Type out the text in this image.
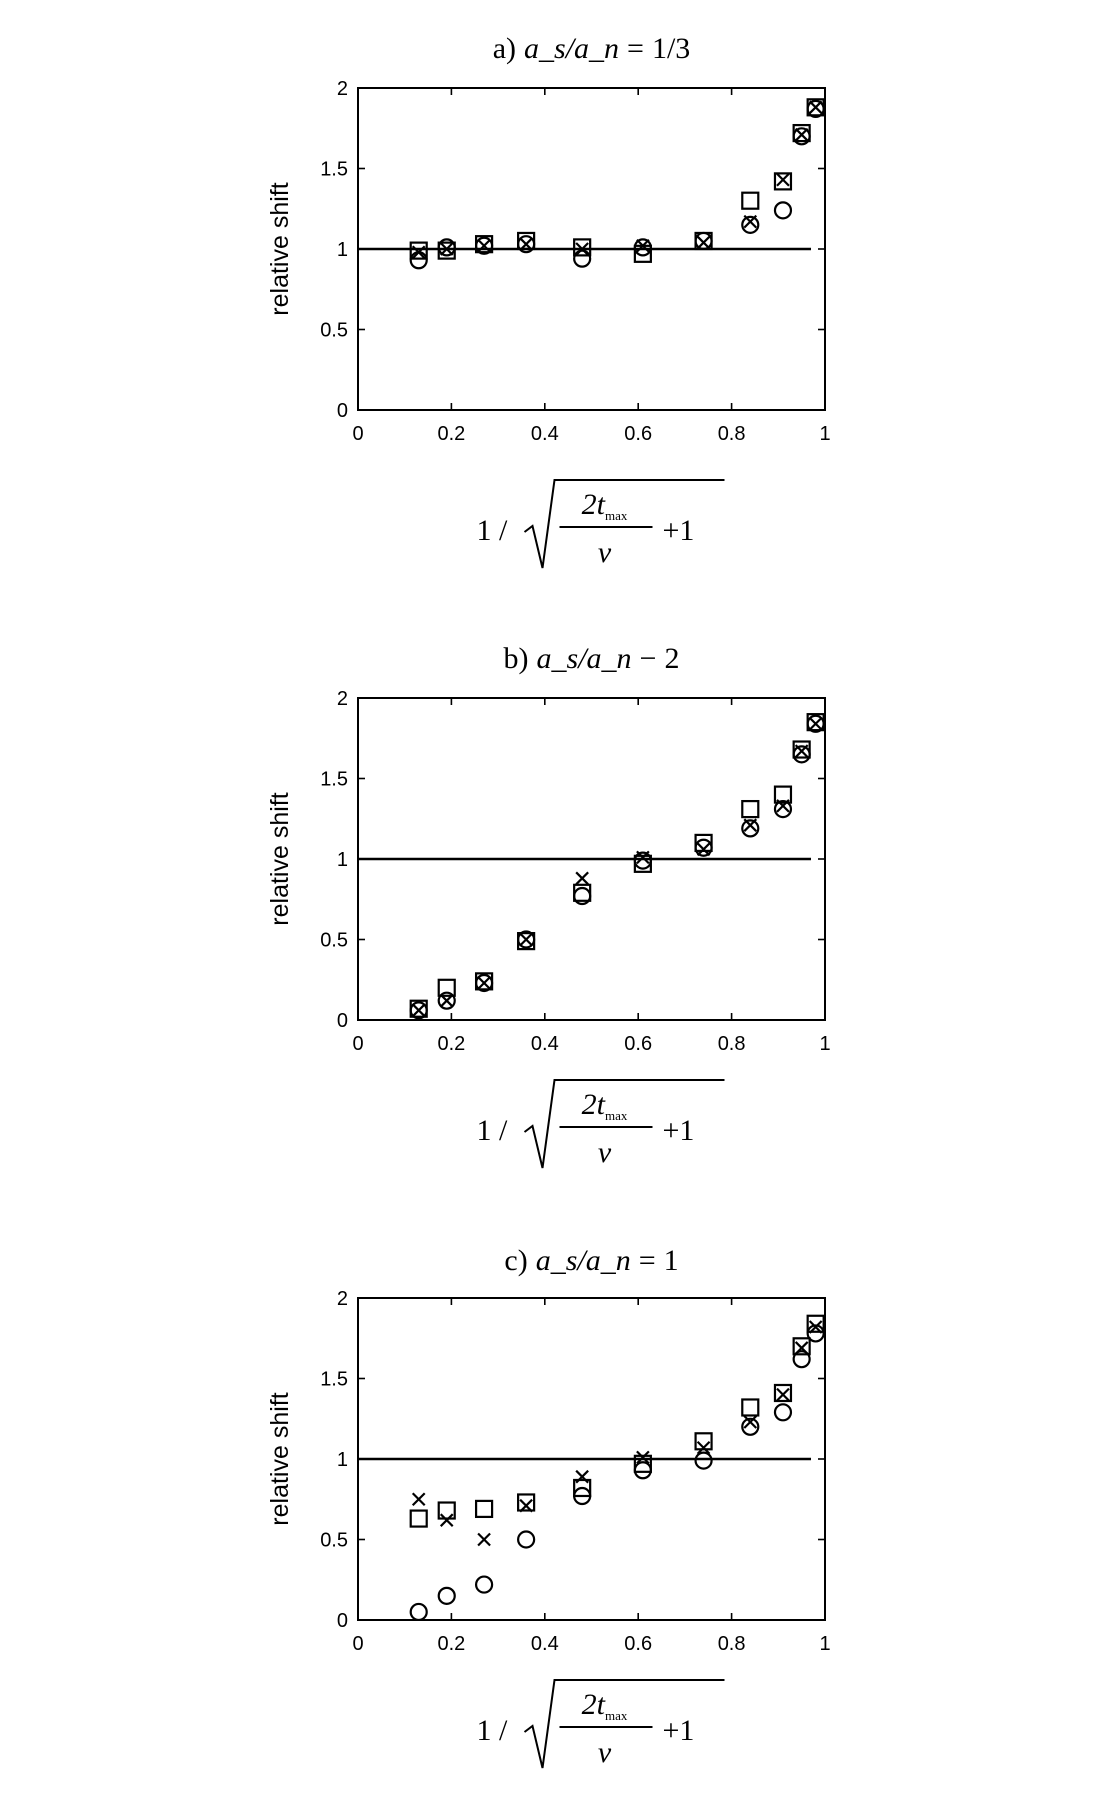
a) a_s/a_n = 1/3
0	0.2	0.4	0.6	0.8	1
0
0.5
1
1.5
2
relative shift
1 /
$2t_{max}$
v
+1
b) a_s/a_n − 2
0	0.2	0.4	0.6	0.8	1
0
0.5
1
1.5
2
relative shift
1 /
$2t_{max}$
v
+1
c) a_s/a_n = 1
0	0.2	0.4	0.6	0.8	1
0
0.5
1
1.5
2
relative shift
1 /
$2t_{max}$
v
+1
